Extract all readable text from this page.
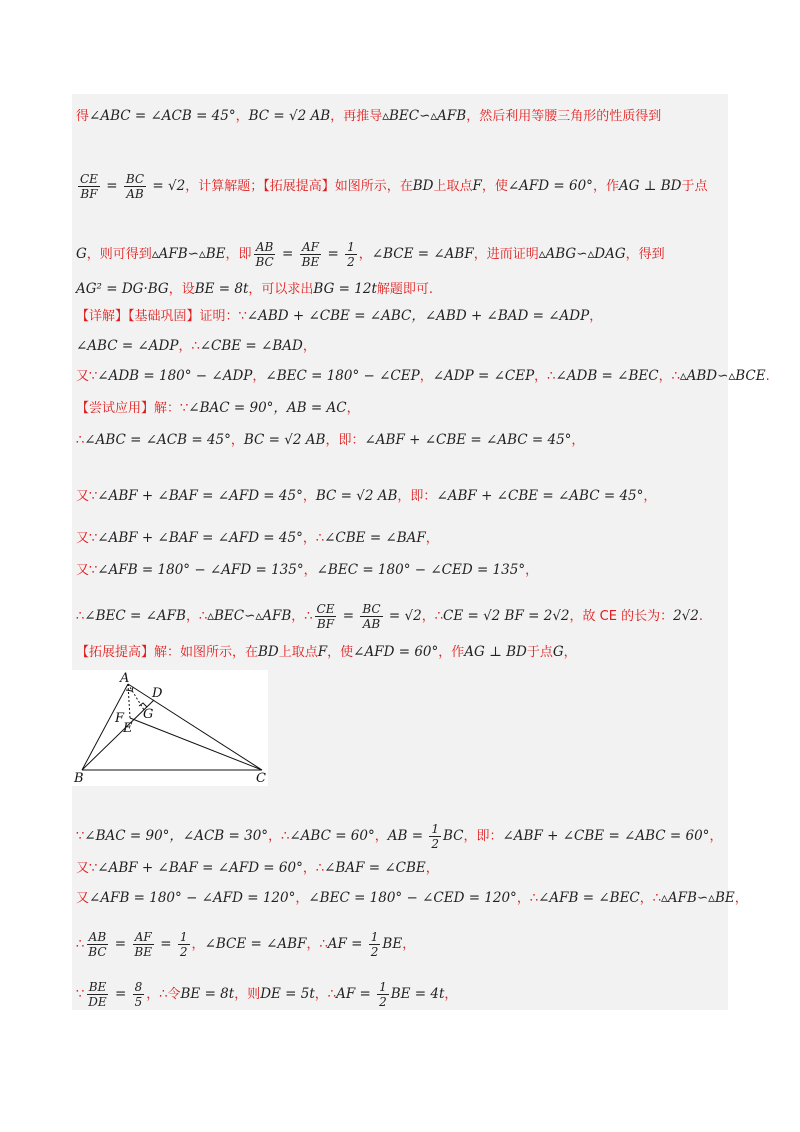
得∠ABC = ∠ACB = 45°，BC = √2 AB，再推导▵BEC∽▵AFB，然后利用等腰三角形的性质得到
$\frac{CE}{BF} = \frac{BC}{AB} = √2$，计算解题；【拓展提高】如图所示，在BD上取点F，使∠AFD = 60°，作AG ⊥ BD于点
G，则可得到▵AFB∽▵BE，即 $\frac{AB}{BC} = \frac{AF}{BE} = \frac{1}{2}$ ，∠BCE = ∠ABF，进而证明▵ABG∽▵DAG，得到
AG² = DG·BG，设BE = 8t，可以求出BG = 12t解题即可.
【详解】【基础巩固】证明：∵∠ABD + ∠CBE = ∠ABC，∠ABD + ∠BAD = ∠ADP，
∠ABC = ∠ADP，∴∠CBE = ∠BAD，
又∵∠ADB = 180° − ∠ADP，∠BEC = 180° − ∠CEP，∠ADP = ∠CEP，∴∠ADB = ∠BEC，∴▵ABD∽▵BCE.
【尝试应用】解：∵∠BAC = 90°，AB = AC，
∴∠ABC = ∠ACB = 45°，BC = √2 AB，即：∠ABF + ∠CBE = ∠ABC = 45°，
又∵∠ABF + ∠BAF = ∠AFD = 45°，BC = √2 AB，即：∠ABF + ∠CBE = ∠ABC = 45°，
又∵∠ABF + ∠BAF = ∠AFD = 45°，∴∠CBE = ∠BAF，
又∵∠AFB = 180° − ∠AFD = 135°，∠BEC = 180° − ∠CED = 135°，
∴∠BEC = ∠AFB，∴▵BEC∽▵AFB，∴ $\frac{CE}{BF} = \frac{BC}{AB} = √2$，∴CE = √2 BF = 2√2，故 CE 的长为：2√2.
【拓展提高】解：如图所示，在BD上取点F，使∠AFD = 60°，作AG ⊥ BD于点G，
∵∠BAC = 90°，∠ACB = 30°，∴∠ABC = 60°，AB = $\frac{1}{2}$ BC，即：∠ABF + ∠CBE = ∠ABC = 60°，
又∵∠ABF + ∠BAF = ∠AFD = 60°，∴∠BAF = ∠CBE，
又∠AFB = 180° − ∠AFD = 120°，∠BEC = 180° − ∠CED = 120°，∴∠AFB = ∠BEC，∴▵AFB∽▵BE，
∴ $\frac{AB}{BC} = \frac{AF}{BE} = \frac{1}{2}$ ，∠BCE = ∠ABF，∴AF = $\frac{1}{2}$ BE，
∵ $\frac{BE}{DE} = \frac{8}{5}$ ，∴令BE = 8t，则DE = 5t，∴AF = $\frac{1}{2}$ BE = 4t，
A
B	C
D
E
F G
